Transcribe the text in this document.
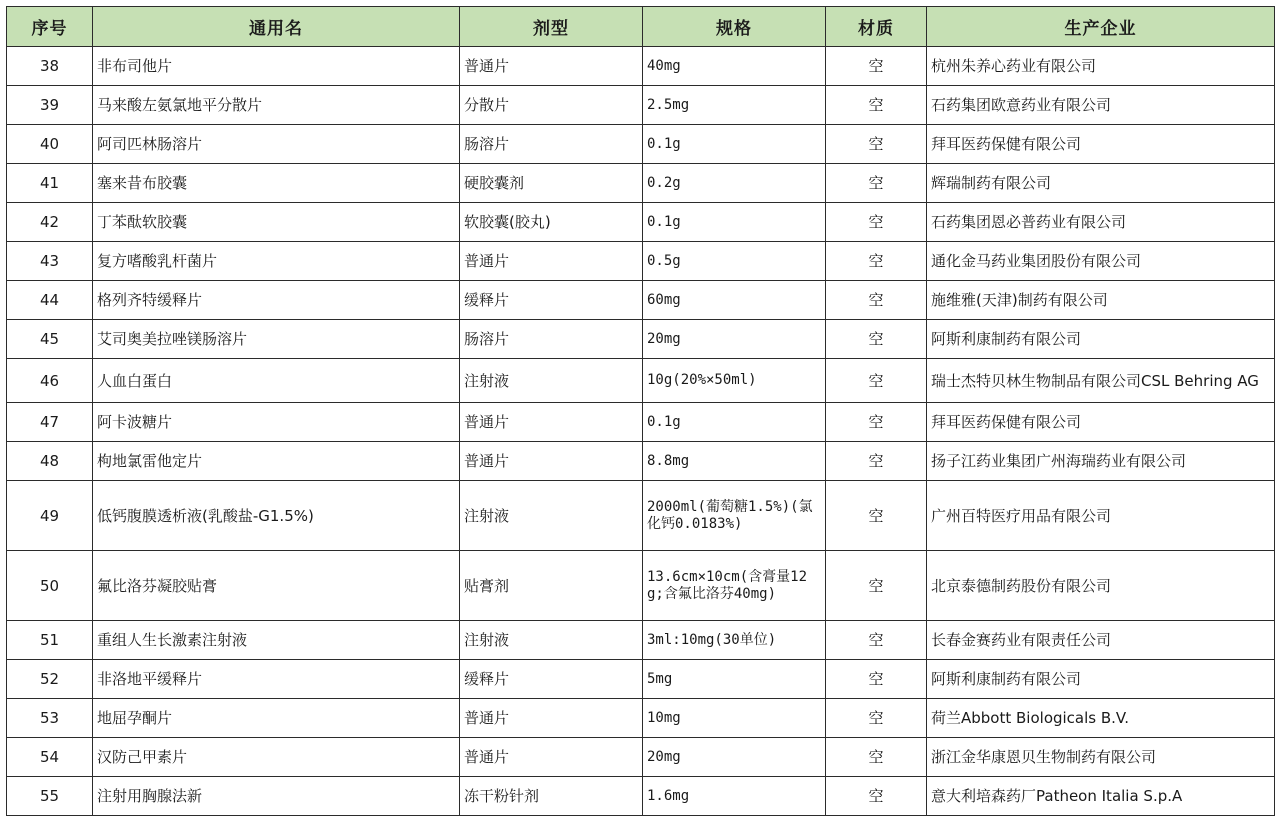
序号	通用名	剂型	规格	材质	生产企业
38	非布司他片	普通片	40mg	空	杭州朱养心药业有限公司
39	马来酸左氨氯地平分散片	分散片	2.5mg	空	石药集团欧意药业有限公司
40	阿司匹林肠溶片	肠溶片	0.1g	空	拜耳医药保健有限公司
41	塞来昔布胶囊	硬胶囊剂	0.2g	空	辉瑞制药有限公司
42	丁苯酞软胶囊	软胶囊(胶丸)	0.1g	空	石药集团恩必普药业有限公司
43	复方嗜酸乳杆菌片	普通片	0.5g	空	通化金马药业集团股份有限公司
44	格列齐特缓释片	缓释片	60mg	空	施维雅(天津)制药有限公司
45	艾司奥美拉唑镁肠溶片	肠溶片	20mg	空	阿斯利康制药有限公司
46	人血白蛋白	注射液	10g(20%×50ml)	空	瑞士杰特贝林生物制品有限公司CSL Behring AG
47	阿卡波糖片	普通片	0.1g	空	拜耳医药保健有限公司
48	枸地氯雷他定片	普通片	8.8mg	空	扬子江药业集团广州海瑞药业有限公司
49	低钙腹膜透析液(乳酸盐-G1.5%)	注射液	2000ml(葡萄糖1.5%)(氯化钙0.0183%)	空	广州百特医疗用品有限公司
50	氟比洛芬凝胶贴膏	贴膏剂	13.6cm×10cm(含膏量12g;含氟比洛芬40mg)	空	北京泰德制药股份有限公司
51	重组人生长激素注射液	注射液	3ml:10mg(30单位)	空	长春金赛药业有限责任公司
52	非洛地平缓释片	缓释片	5mg	空	阿斯利康制药有限公司
53	地屈孕酮片	普通片	10mg	空	荷兰Abbott Biologicals B.V.
54	汉防己甲素片	普通片	20mg	空	浙江金华康恩贝生物制药有限公司
55	注射用胸腺法新	冻干粉针剂	1.6mg	空	意大利培森药厂Patheon Italia S.p.A
